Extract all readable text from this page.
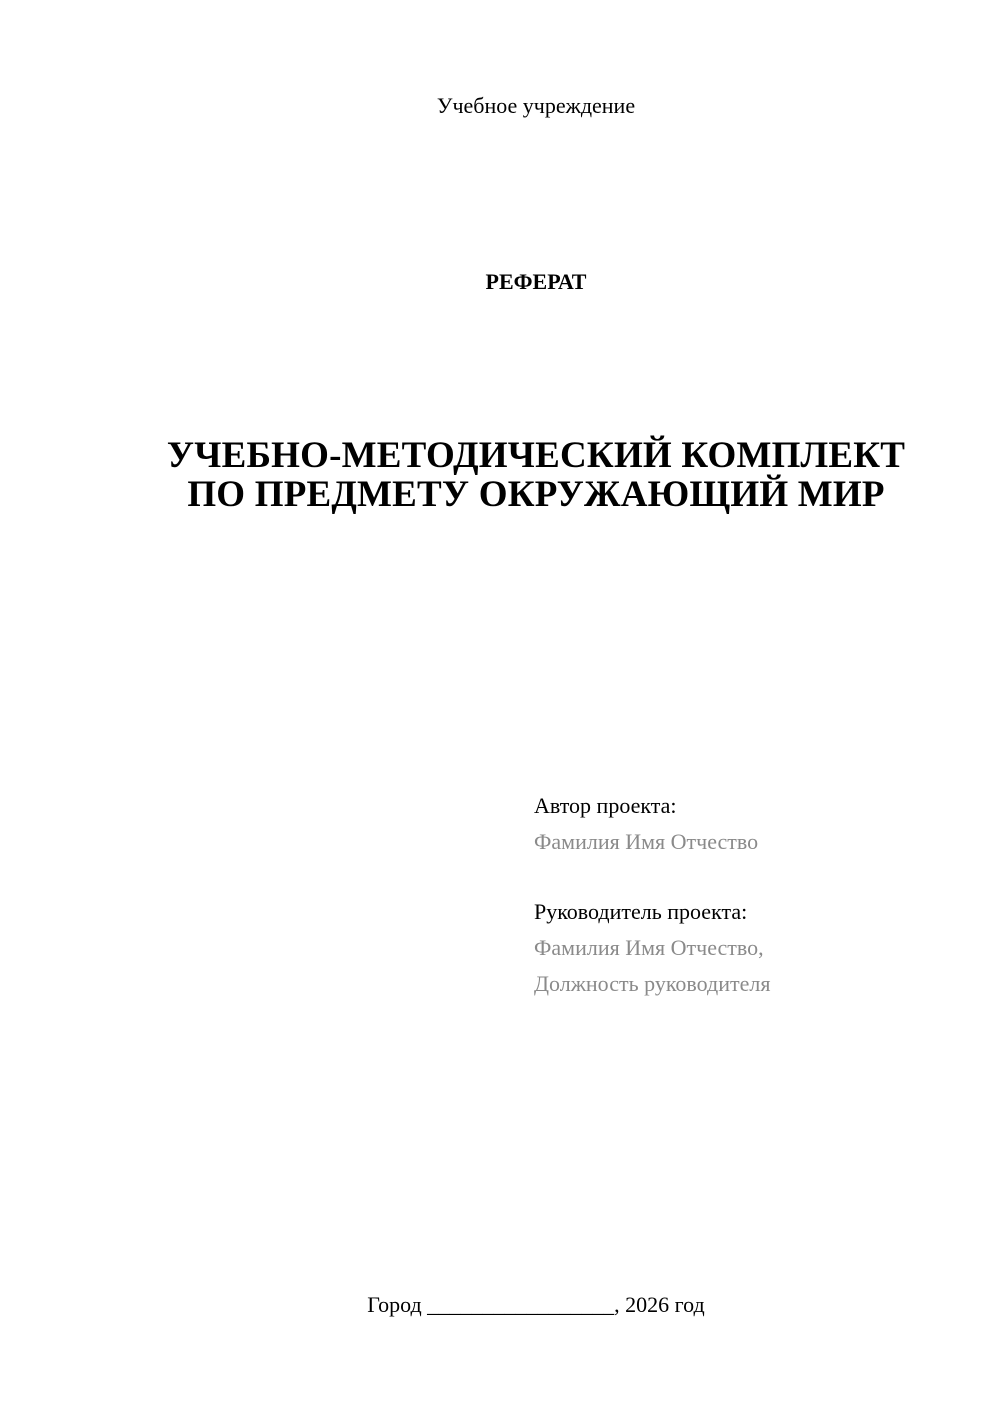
Учебное учреждение
РЕФЕРАТ
УЧЕБНО-МЕТОДИЧЕСКИЙ КОМПЛЕКТ
ПО ПРЕДМЕТУ ОКРУЖАЮЩИЙ МИР
Автор проекта:
Фамилия Имя Отчество
Руководитель проекта:
Фамилия Имя Отчество,
Должность руководителя
Город _________________, 2026 год
